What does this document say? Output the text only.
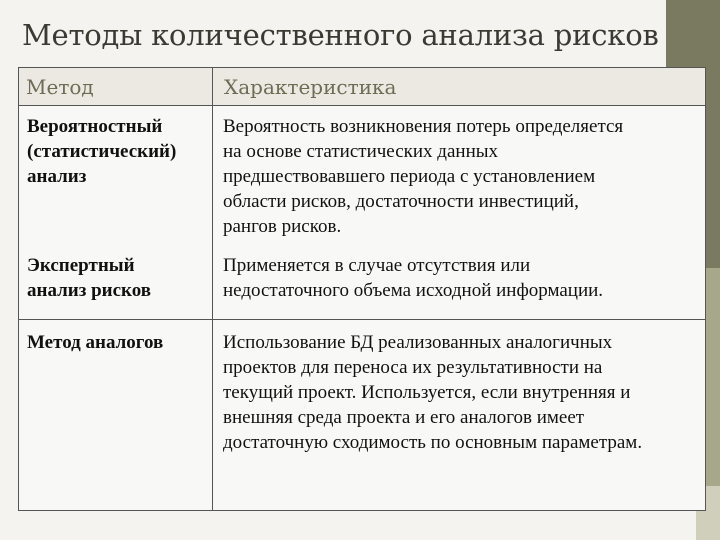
Методы количественного анализа рисков
Метод	Характеристика
Вероятностный
(статистический)
анализ
Вероятность возникновения потерь определяется
на основе статистических данных
предшествовавшего периода с установлением
области рисков, достаточности инвестиций,
рангов рисков.
Экспертный
анализ рисков
Применяется в случае отсутствия или
недостаточного объема исходной информации.
Метод аналогов	Использование БД реализованных аналогичных
проектов для переноса их результативности на
текущий проект. Используется, если внутренняя и
внешняя среда проекта и его аналогов имеет
достаточную сходимость по основным параметрам.
